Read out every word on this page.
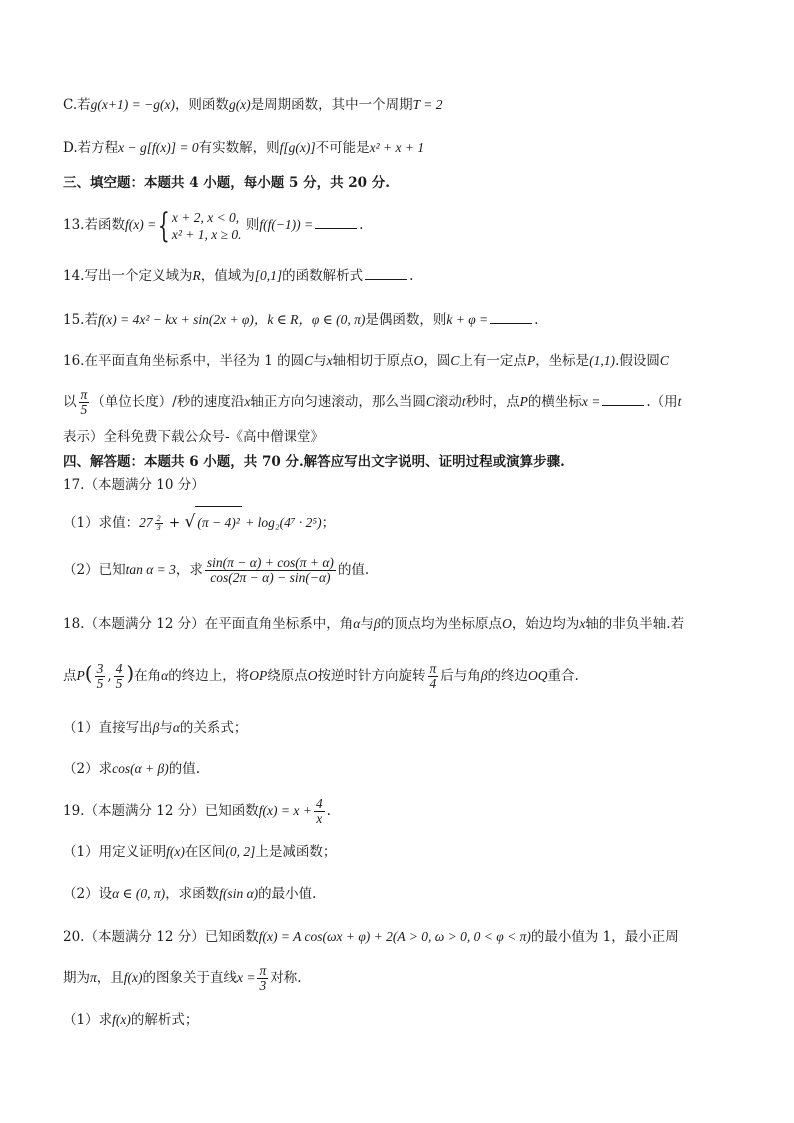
C.若g(x+1) = −g(x)，则函数g(x)是周期函数，其中一个周期T = 2
D.若方程x − g[f(x)] = 0有实数解，则f[g(x)]不可能是x² + x + 1
三、填空题：本题共 4 小题，每小题 5 分，共 20 分.
13.若函数f(x) ={ x + 2, x < 0,
x² + 1, x ≥ 0.
则f(f(−1)) =	.
14.写出一个定义域为R，值域为[0,1]的函数解析式	.
15.若f(x) = 4x² − kx + sin(2x + φ)，k ∈ R，φ ∈ (0, π)是偶函数，则k + φ =	.
16.在平面直角坐标系中，半径为 1 的圆C与x轴相切于原点O，圆C上有一定点P，坐标是(1,1).假设圆C
以 $\frac{\pi}{5}$ （单位长度）/秒的速度沿x轴正方向匀速滚动，那么当圆C滚动t秒时，点P的横坐标x =	.（用t
表示）全科免费下载公众号-《高中僧课堂》
四、解答题：本题共 6 小题，共 70 分.解答应写出文字说明、证明过程或演算步骤.
17.（本题满分 10 分）
（1）求值：$27 \frac{2}{3}$ + √ (π − 4)² + log₂(4⁷ · 2⁵)；
（2）已知tan α = 3，求 $\frac{\sin(\pi - \alpha) + \cos(\pi + \alpha)}{\cos(2\pi - \alpha) - \sin(-\alpha)}$ 的值.
18.（本题满分 12 分）在平面直角坐标系中，角α与β的顶点均为坐标原点O，始边均为x轴的非负半轴.若
点$P( \frac{3}{5}$ , $\frac{4}{5}$ )在角α的终边上，将OP绕原点O按逆时针方向旋转 $\frac{\pi}{4}$ 后与角β的终边OQ重合.
（1）直接写出β与α的关系式；
（2）求cos(α + β)的值.
19.（本题满分 12 分）已知函数$f(x) = x + \frac{4}{x}$ .
（1）用定义证明f(x)在区间(0, 2]上是减函数；
（2）设α ∈ (0, π)，求函数f(sin α)的最小值.
20.（本题满分 12 分）已知函数f(x) = A cos(ωx + φ) + 2(A > 0, ω > 0, 0 < φ < π)的最小值为 1，最小正周
期为π，且f(x)的图象关于直线$x = \frac{\pi}{3}$ 对称.
（1）求f(x)的解析式；
